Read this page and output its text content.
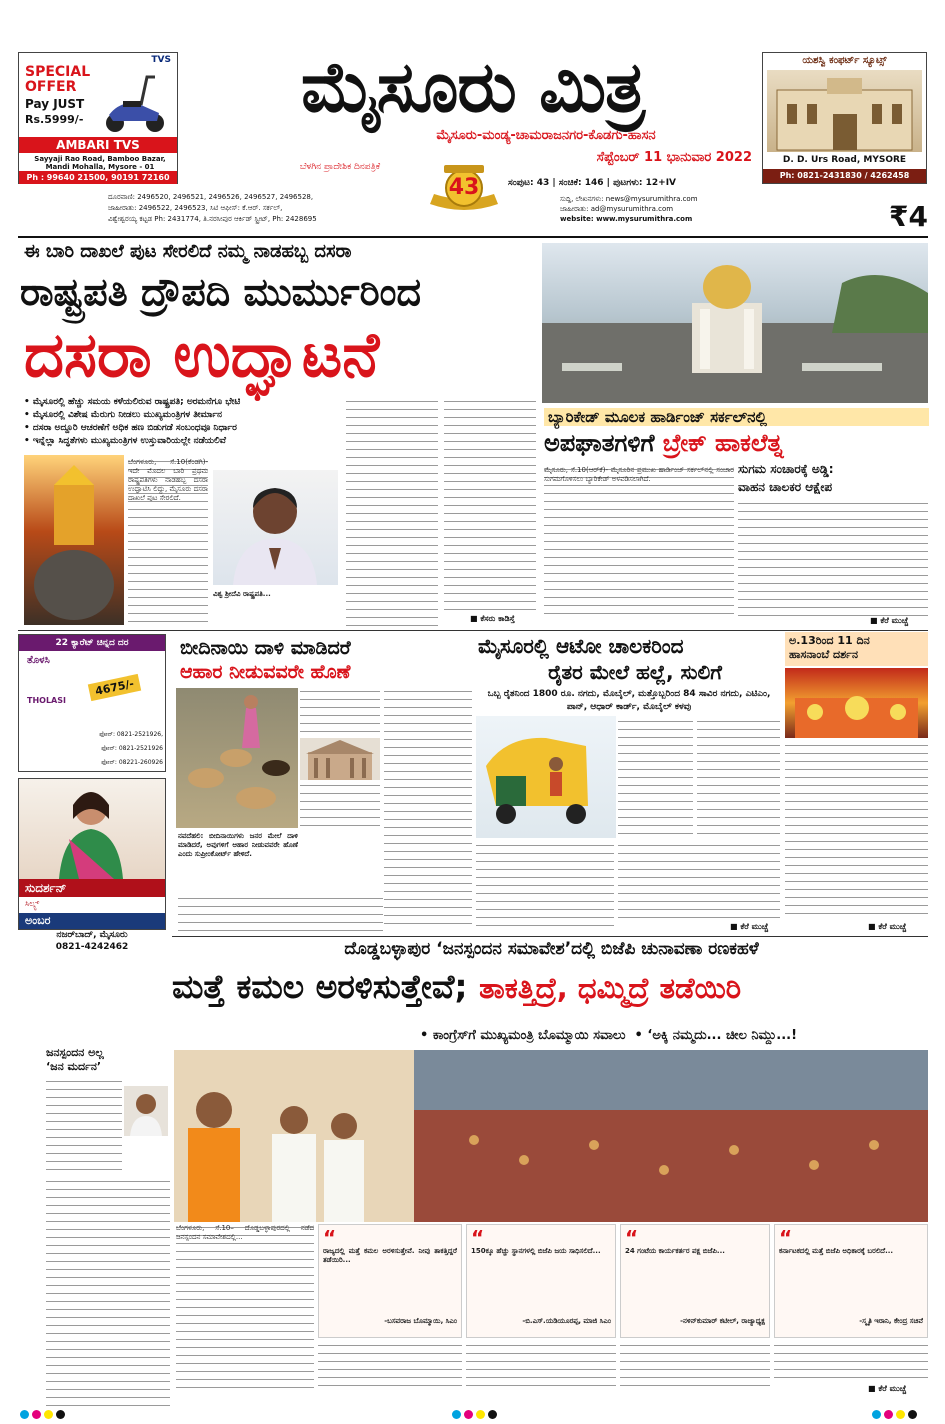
TVS
SPECIAL OFFER
Pay JUST
Rs.5999/-
AMBARI TVS
Sayyaji Rao Road, Bamboo Bazar, Mandi Mohalla, Mysore - 01
Ph : 99640 21500, 90191 72160
ಮೈಸೂರು ಮಿತ್ರ
ಮೈಸೂರು-ಮಂಡ್ಯ-ಚಾಮರಾಜನಗರ-ಕೊಡಗು-ಹಾಸನ
ಸೆಪ್ಟೆಂಬರ್ 11 ಭಾನುವಾರ 2022
ಬೆಳಗಿನ ಪ್ರಾದೇಶಿಕ ದಿನಪತ್ರಿಕೆ
43	ಸಂಪುಟ: 43 | ಸಂಚಿಕೆ: 146 | ಪುಟಗಳು: 12+IV
ಸುದ್ದಿ, ಲೇಖನಗಳು: news@mysurumithra.com
ಜಾಹೀರಾತು: ad@mysurumithra.com
website: www.mysurumithra.com
ದೂರವಾಣಿ: 2496520, 2496521, 2496526, 2496527, 2496528,
ಜಾಹೀರಾತು: 2496522, 2496523, ಸಿಟಿ ಆಫೀಸ್: ಕೆ.ಆರ್. ಸರ್ಕಲ್,
ವಿಶ್ವೇಶ್ವರಯ್ಯ ಕಟ್ಟಡ Ph: 2431774, ತಿ.ನರಸೀಪುರ ಆರ್ಕಿಡ್ ಸ್ಟ್ರೀಟ್, Ph: 2428695	₹4
ಯಶಸ್ವಿ ಕಂಫರ್ಟ್ ಸ್ಯೂಟ್ಸ್
D. D. Urs Road, MYSORE
Ph: 0821-2431830 / 4262458
ಈ ಬಾರಿ ದಾಖಲೆ ಪುಟ ಸೇರಲಿದೆ ನಮ್ಮ ನಾಡಹಬ್ಬ ದಸರಾ
ರಾಷ್ಟ್ರಪತಿ ದ್ರೌಪದಿ ಮುರ್ಮುರಿಂದ
ದಸರಾ ಉದ್ಘಾಟನೆ
• ಮೈಸೂರಲ್ಲಿ ಹೆಚ್ಚು ಸಮಯ ಕಳೆಯಲಿರುವ ರಾಷ್ಟ್ರಪತಿ; ಅರಮನೆಗೂ ಭೇಟಿ
• ಮೈಸೂರಲ್ಲಿ ವಿಶೇಷ ಮೆರುಗು ನೀಡಲು ಮುಖ್ಯಮಂತ್ರಿಗಳ ತೀರ್ಮಾನ
• ದಸರಾ ಅದ್ದೂರಿ ಆಚರಣೆಗೆ ಅಧಿಕ ಹಣ ಬಿಡುಗಡೆ ಸಂಬಂಧವೂ ನಿರ್ಧಾರ
• ಇನ್ನೆಲ್ಲಾ ಸಿದ್ಧತೆಗಳು ಮುಖ್ಯಮಂತ್ರಿಗಳ ಉಸ್ತುವಾರಿಯಲ್ಲೇ ನಡೆಯಲಿವೆ
ಬೆಂಗಳೂರು, ಸೆ.10(ಕೆಂಡಗಿ)- ಇದೇ ಮೊದಲ ಬಾರಿ ಪ್ರಥಮ ರಾಷ್ಟ್ರಪತಿಗಳು ನಾಡಹಬ್ಬ ದಸರಾ ಉದ್ಘಾಟಿಸಿ ಲಿದ್ದು, ಮೈಸೂರು ದಸರಾ ದಾಖಲೆ ಪುಟ ಸೇರಲಿದೆ.
ವಿಶ್ವ ಶ್ರೀದೆವಿ ರಾಷ್ಟ್ರಪತಿ...
■ ಕೆಸರು ಕಾಡಿಸ್ತೆ
ಬ್ಯಾರಿಕೇಡ್ ಮೂಲಕ ಹಾರ್ಡಿಂಜ್ ಸರ್ಕಲ್‌ನಲ್ಲಿ
ಅಪಘಾತಗಳಿಗೆ ಬ್ರೇಕ್ ಹಾಕಲೆತ್ನ
ಸುಗಮ ಸಂಚಾರಕ್ಕೆ ಅಡ್ಡಿ:
ವಾಹನ ಚಾಲಕರ ಆಕ್ಷೇಪ
ಮೈಸೂರು, ಸೆ.10(ಆರ್‌ಕೆ)- ಮೈಸೂರಿನ ಪ್ರಮುಖ ಹಾರ್ಡಿಂಜ್ ಸರ್ಕಲ್‌ನಲ್ಲಿ ಸಂಚಾರ ಸುಗಮಗೊಳಿಸಲು ಬ್ಯಾರಿಕೇಡ್ ಅಳವಡಿಸಲಾಗಿದೆ.
■ ಕೆರೆ ಮುಚ್ಚೆ
22 ಕ್ಯಾರೆಟ್ ಚಿನ್ನದ ದರ
ತೊಳಸಿ
THOLASI
4675/-
ಫೋನ್: 0821-2521926,
ಫೋನ್: 0821-2521926
ಫೋನ್: 08221-260926
ಸುದರ್ಶನ್
ಸಿಲ್ಕ್ಸ್
ಅಂಬರ
ನಜರ್‌ಬಾದ್, ಮೈಸೂರು
0821-4242462
ಬೀದಿನಾಯಿ ದಾಳಿ ಮಾಡಿದರೆ
ಆಹಾರ ನೀಡುವವರೇ ಹೊಣೆ
ನವದೆಹಲಿ: ಬೀದಿನಾಯಿಗಳು ಜನರ ಮೇಲೆ ದಾಳಿ ಮಾಡಿದರೆ, ಅವುಗಳಿಗೆ ಆಹಾರ ನೀಡುವವರೇ ಹೊಣೆ ಎಂದು ಸುಪ್ರೀಂಕೋರ್ಟ್ ಹೇಳಿದೆ.
ಮೈಸೂರಲ್ಲಿ ಆಟೋ ಚಾಲಕರಿಂದ
ರೈತರ ಮೇಲೆ ಹಲ್ಲೆ, ಸುಲಿಗೆ
ಒಬ್ಬ ರೈತನಿಂದ 1800 ರೂ. ನಗದು, ಮೊಬೈಲ್, ಮತ್ತೊಬ್ಬರಿಂದ 84 ಸಾವಿರ ನಗದು, ಎಟಿಎಂ, ಪಾನ್, ಆಧಾರ್ ಕಾರ್ಡ್, ಮೊಬೈಲ್ ಕಳವು
■ ಕೆರೆ ಮುಚ್ಚೆ
ಅ.13ರಿಂದ 11 ದಿನ
ಹಾಸನಾಂಬೆ ದರ್ಶನ
■ ಕೆರೆ ಮುಚ್ಚೆ
ದೊಡ್ಡಬಳ್ಳಾಪುರ ‘ಜನಸ್ಪಂದನ ಸಮಾವೇಶ’ದಲ್ಲಿ ಬಿಜೆಪಿ ಚುನಾವಣಾ ರಣಕಹಳೆ
ಮತ್ತೆ ಕಮಲ ಅರಳಿಸುತ್ತೇವೆ; ತಾಕತ್ತಿದ್ರೆ, ಧಮ್ಮಿದ್ರೆ ತಡೆಯಿರಿ
• ಕಾಂಗ್ರೆಸ್‌ಗೆ ಮುಖ್ಯಮಂತ್ರಿ ಬೊಮ್ಮಾಯಿ ಸವಾಲು  • ‘ಅಕ್ಕಿ ನಮ್ಮದು... ಚೀಲ ನಿಮ್ದು...!
ಜನಸ್ಪಂದನ ಅಲ್ಲ
‘ಜನ ಮರ್ದನ’
ಬೆಂಗಳೂರು, ಸೆ.10– ದೊಡ್ಡಬಳ್ಳಾಪುರದಲ್ಲಿ ನಡೆದ ಜನಸ್ಪಂದನ ಸಮಾವೇಶದಲ್ಲಿ...	“
ರಾಜ್ಯದಲ್ಲಿ ಮತ್ತೆ ಕಮಲ ಅರಳಿಸುತ್ತೇವೆ. ನೀವು ತಾಕತ್ತಿದ್ದರೆ ತಡೆಯಿರಿ...
-ಬಸವರಾಜ ಬೊಮ್ಮಾಯಿ, ಸಿಎಂ
“
150ಕ್ಕೂ ಹೆಚ್ಚು ಸ್ಥಾನಗಳಲ್ಲಿ ಬಿಜೆಪಿ ಜಯ ಸಾಧಿಸಲಿದೆ...
-ಬಿ.ಎಸ್.ಯಡಿಯೂರಪ್ಪ, ಮಾಜಿ ಸಿಎಂ
“
24 ಗಂಟೆಯ ಕಾರ್ಯಕರ್ತರ ಪಕ್ಷ ಬಿಜೆಪಿ...
-ನಳಿನ್‌ಕುಮಾರ್ ಕಟೀಲ್, ರಾಜ್ಯಾಧ್ಯಕ್ಷ
“
ಕರ್ನಾಟಕದಲ್ಲಿ ಮತ್ತೆ ಬಿಜೆಪಿ ಅಧಿಕಾರಕ್ಕೆ ಬರಲಿದೆ...
-ಸ್ಮೃತಿ ಇರಾನಿ, ಕೇಂದ್ರ ಸಚಿವೆ
■ ಕೆರೆ ಮುಚ್ಚೆ
